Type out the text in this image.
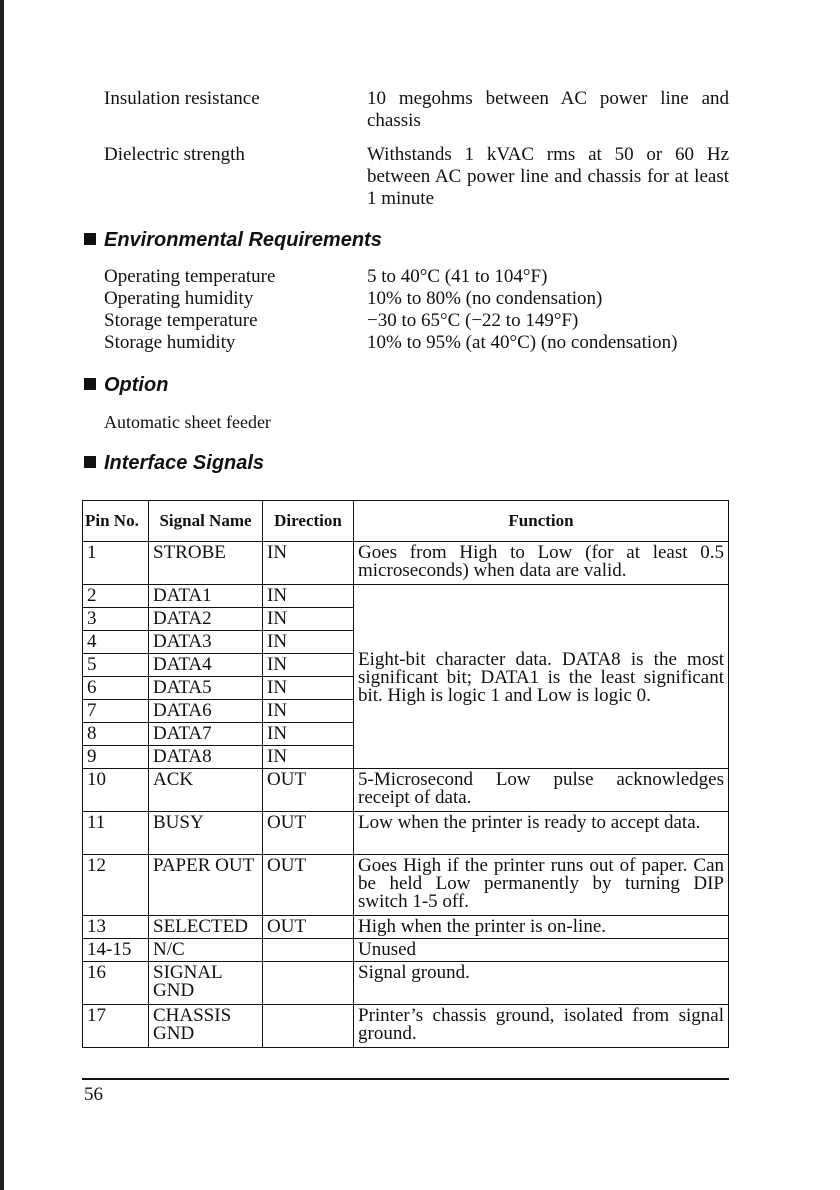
Insulation resistance	10 megohms between AC power line and chassis
Dielectric strength	Withstands 1 kVAC rms at 50 or 60 Hz between AC power line and chassis for at least 1 minute
Environmental Requirements
Operating temperature	5 to 40°C (41 to 104°F)
Operating humidity	10% to 80% (no condensation)
Storage temperature	−30 to 65°C (−22 to 149°F)
Storage humidity	10% to 95% (at 40°C) (no condensation)
Option
Automatic sheet feeder
Interface Signals
Pin No.	Signal Name	Direction	Function
1	STROBE	IN	Goes from High to Low (for at least 0.5 microseconds) when data are valid.
2	DATA1	IN	Eight-bit character data. DATA8 is the most significant bit; DATA1 is the least significant bit. High is logic 1 and Low is logic 0.
3	DATA2	IN	
4	DATA3	IN	
5	DATA4	IN	
6	DATA5	IN	
7	DATA6	IN	
8	DATA7	IN	
9	DATA8	IN	
10	$\overline{ACK}$	OUT	5-Microsecond Low pulse acknowledges receipt of data.
11	BUSY	OUT	Low when the printer is ready to accept data.
12	PAPER OUT	OUT	Goes High if the printer runs out of paper. Can be held Low permanently by turning DIP switch 1-5 off.
13	SELECTED	OUT	High when the printer is on-line.
14-15	N/C		Unused
16	SIGNAL GND		Signal ground.
17	CHASSIS GND		Printer’s chassis ground, isolated from signal ground.
56
